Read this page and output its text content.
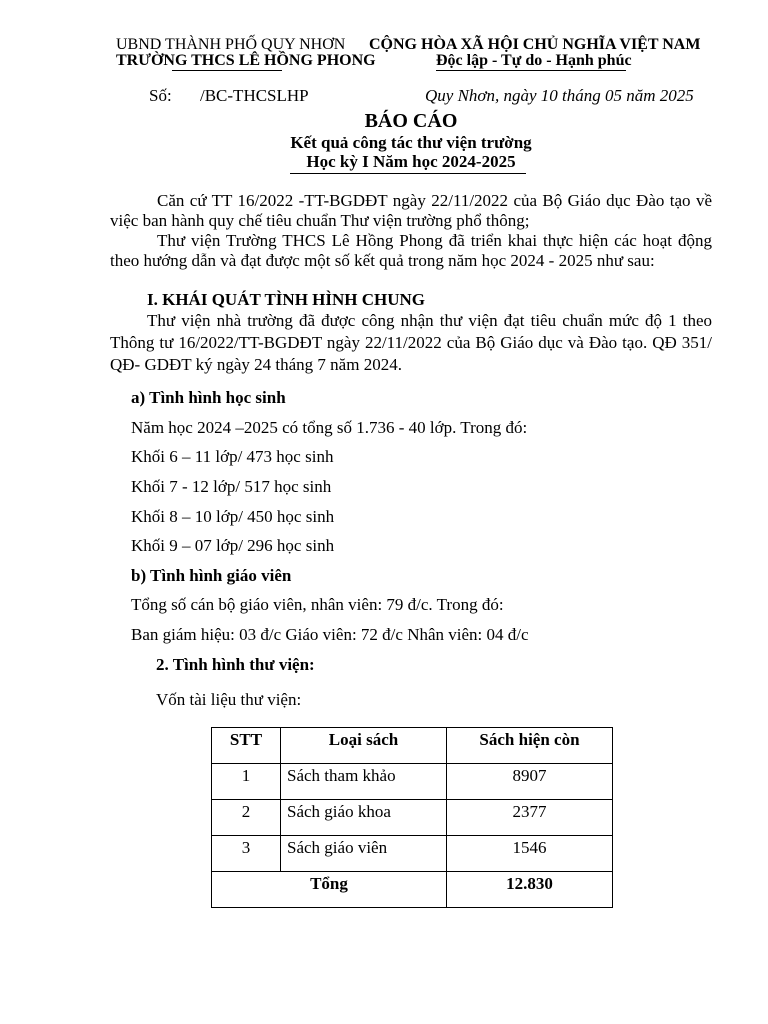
UBND THÀNH PHỐ QUY NHƠN
TRƯỜNG THCS LÊ HỒNG PHONG
CỘNG HÒA XÃ HỘI CHỦ NGHĨA VIỆT NAM
Độc lập - Tự do - Hạnh phúc
Số: /BC-THCSLHP	Quy Nhơn, ngày 10 tháng 05 năm 2025
BÁO CÁO
Kết quả công tác thư viện trường
Học kỳ I Năm học 2024-2025
Căn cứ TT 16/2022 -TT-BGDĐT ngày 22/11/2022 của Bộ Giáo dục Đào tạo về việc ban hành quy chế tiêu chuẩn Thư viện trường phổ thông;
Thư viện Trường THCS Lê Hồng Phong đã triển khai thực hiện các hoạt động theo hướng dẫn và đạt được một số kết quả trong năm học 2024 - 2025 như sau:
I. KHÁI QUÁT TÌNH HÌNH CHUNG
Thư viện nhà trường đã được công nhận thư viện đạt tiêu chuẩn mức độ 1 theo Thông tư 16/2022/TT-BGDĐT ngày 22/11/2022 của Bộ Giáo dục và Đào tạo. QĐ 351/ QĐ- GDĐT ký ngày 24 tháng 7 năm 2024.
a) Tình hình học sinh
Năm học 2024 –2025 có tổng số 1.736 - 40 lớp. Trong đó:
Khối 6 – 11 lớp/ 473 học sinh
Khối 7 - 12 lớp/ 517 học sinh
Khối 8 – 10 lớp/ 450 học sinh
Khối 9 – 07 lớp/ 296 học sinh
b) Tình hình giáo viên
Tổng số cán bộ giáo viên, nhân viên: 79 đ/c. Trong đó:
Ban giám hiệu: 03 đ/c Giáo viên: 72 đ/c Nhân viên: 04 đ/c
2. Tình hình thư viện:
Vốn tài liệu thư viện:
STT	Loại sách	Sách hiện còn
1	Sách tham khảo	8907
2	Sách giáo khoa	2377
3	Sách giáo viên	1546
Tổng		12.830
